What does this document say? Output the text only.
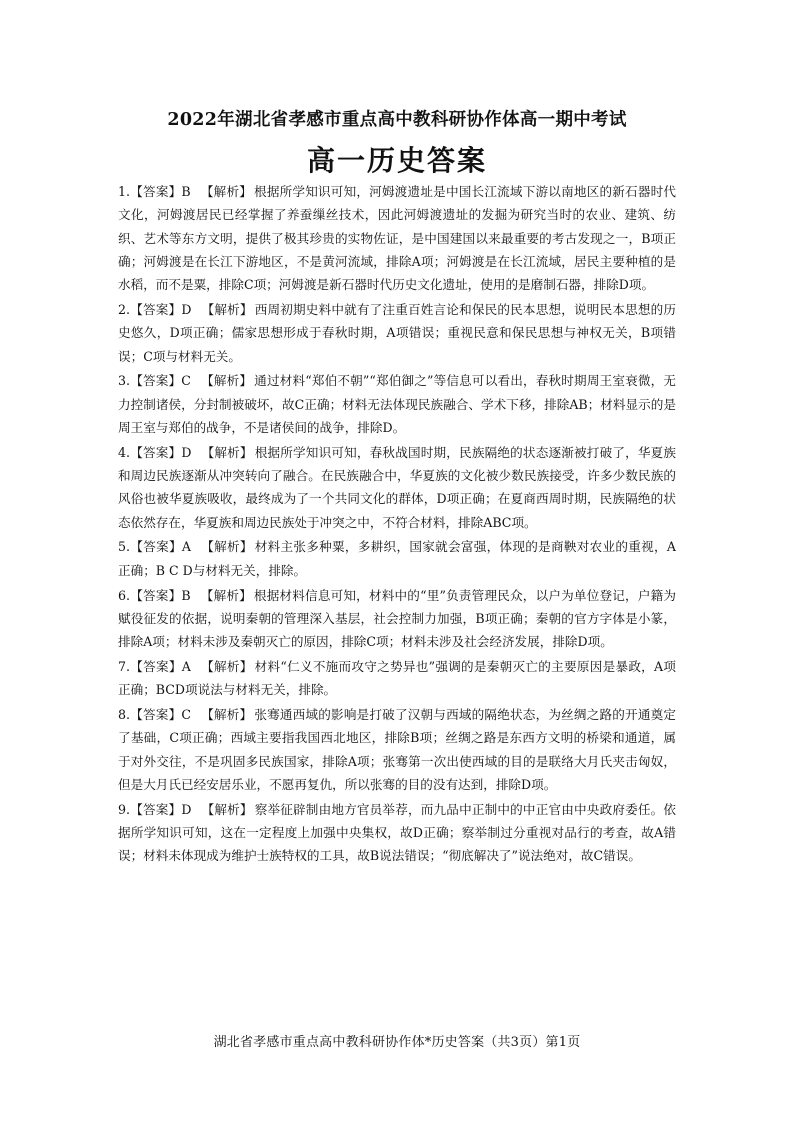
2022年湖北省孝感市重点高中教科研协作体高一期中考试
高一历史答案
1.【答案】B 【解析】 根据所学知识可知，河姆渡遗址是中国长江流域下游以南地区的新石器时代文化，河姆渡居民已经掌握了养蚕缫丝技术，因此河姆渡遗址的发掘为研究当时的农业、建筑、纺织、艺术等东方文明，提供了极其珍贵的实物佐证，是中国建国以来最重要的考古发现之一，B项正确；河姆渡是在长江下游地区，不是黄河流域，排除A项；河姆渡是在长江流域，居民主要种植的是水稻，而不是粟，排除C项；河姆渡是新石器时代历史文化遗址，使用的是磨制石器，排除D项。
2.【答案】D 【解析】 西周初期史料中就有了注重百姓言论和保民的民本思想，说明民本思想的历史悠久，D项正确；儒家思想形成于春秋时期，A项错误；重视民意和保民思想与神权无关，B项错误；C项与材料无关。
3.【答案】C 【解析】 通过材料“郑伯不朝”“郑伯御之”等信息可以看出，春秋时期周王室衰微，无力控制诸侯，分封制被破坏，故C正确；材料无法体现民族融合、学术下移，排除AB；材料显示的是周王室与郑伯的战争，不是诸侯间的战争，排除D。
4.【答案】D 【解析】 根据所学知识可知，春秋战国时期，民族隔绝的状态逐渐被打破了，华夏族和周边民族逐渐从冲突转向了融合。在民族融合中，华夏族的文化被少数民族接受，许多少数民族的风俗也被华夏族吸收，最终成为了一个共同文化的群体，D项正确；在夏商西周时期，民族隔绝的状态依然存在，华夏族和周边民族处于冲突之中，不符合材料，排除ABC项。
5.【答案】A 【解析】 材料主张多种粟，多耕织，国家就会富强，体现的是商鞅对农业的重视，A正确；B C D与材料无关，排除。
6.【答案】B 【解析】 根据材料信息可知，材料中的“里”负责管理民众，以户为单位登记，户籍为赋役征发的依据，说明秦朝的管理深入基层，社会控制力加强，B项正确；秦朝的官方字体是小篆，排除A项；材料未涉及秦朝灭亡的原因，排除C项；材料未涉及社会经济发展，排除D项。
7.【答案】A 【解析】 材料“仁义不施而攻守之势异也”强调的是秦朝灭亡的主要原因是暴政，A项正确；BCD项说法与材料无关，排除。
8.【答案】C 【解析】 张骞通西域的影响是打破了汉朝与西域的隔绝状态，为丝绸之路的开通奠定了基础，C项正确；西域主要指我国西北地区，排除B项；丝绸之路是东西方文明的桥梁和通道，属于对外交往，不是巩固多民族国家，排除A项；张骞第一次出使西域的目的是联络大月氏夹击匈奴，但是大月氏已经安居乐业，不愿再复仇，所以张骞的目的没有达到，排除D项。
9.【答案】D 【解析】 察举征辟制由地方官员举荐，而九品中正制中的中正官由中央政府委任。依据所学知识可知，这在一定程度上加强中央集权，故D正确；察举制过分重视对品行的考查，故A错误；材料未体现成为维护士族特权的工具，故B说法错误；“彻底解决了”说法绝对，故C错误。
湖北省孝感市重点高中教科研协作体*历史答案（共3页）第1页
